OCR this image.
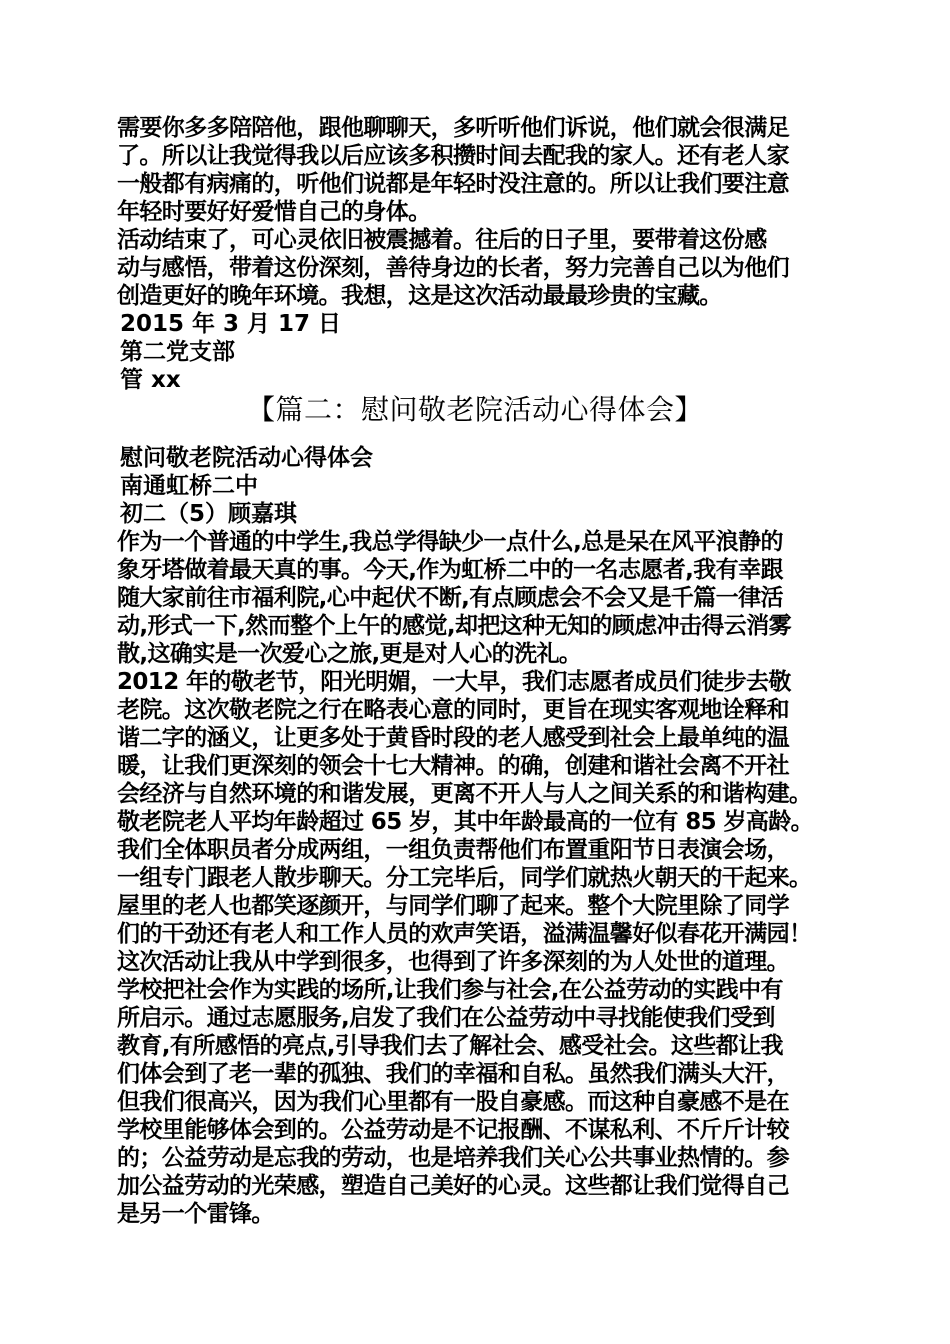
需要你多多陪陪他，跟他聊聊天，多听听他们诉说，他们就会很满足
了。所以让我觉得我以后应该多积攒时间去配我的家人。还有老人家
一般都有病痛的，听他们说都是年轻时没注意的。所以让我们要注意
年轻时要好好爱惜自己的身体。
活动结束了，可心灵依旧被震撼着。往后的日子里，要带着这份感
动与感悟，带着这份深刻，善待身边的长者，努力完善自己以为他们
创造更好的晚年环境。我想，这是这次活动最最珍贵的宝藏。
2015 年 3 月 17 日
第二党支部
管 xx
【篇二：慰问敬老院活动心得体会】
慰问敬老院活动心得体会
南通虹桥二中
初二（5）顾嘉琪
作为一个普通的中学生,我总学得缺少一点什么,总是呆在风平浪静的
象牙塔做着最天真的事。今天,作为虹桥二中的一名志愿者,我有幸跟
随大家前往市福利院,心中起伏不断,有点顾虑会不会又是千篇一律活
动,形式一下,然而整个上午的感觉,却把这种无知的顾虑冲击得云消雾
散,这确实是一次爱心之旅,更是对人心的洗礼。
2012 年的敬老节，阳光明媚，一大早，我们志愿者成员们徒步去敬
老院。这次敬老院之行在略表心意的同时，更旨在现实客观地诠释和
谐二字的涵义，让更多处于黄昏时段的老人感受到社会上最单纯的温
暖，让我们更深刻的领会十七大精神。的确，创建和谐社会离不开社
会经济与自然环境的和谐发展，更离不开人与人之间关系的和谐构建。
敬老院老人平均年龄超过 65 岁，其中年龄最高的一位有 85 岁高龄。
我们全体职员者分成两组，一组负责帮他们布置重阳节日表演会场，
一组专门跟老人散步聊天。分工完毕后，同学们就热火朝天的干起来。
屋里的老人也都笑逐颜开，与同学们聊了起来。整个大院里除了同学
们的干劲还有老人和工作人员的欢声笑语，溢满温馨好似春花开满园！
这次活动让我从中学到很多，也得到了许多深刻的为人处世的道理。
学校把社会作为实践的场所,让我们参与社会,在公益劳动的实践中有
所启示。通过志愿服务,启发了我们在公益劳动中寻找能使我们受到
教育,有所感悟的亮点,引导我们去了解社会、感受社会。这些都让我
们体会到了老一辈的孤独、我们的幸福和自私。虽然我们满头大汗，
但我们很高兴，因为我们心里都有一股自豪感。而这种自豪感不是在
学校里能够体会到的。公益劳动是不记报酬、不谋私利、不斤斤计较
的；公益劳动是忘我的劳动，也是培养我们关心公共事业热情的。参
加公益劳动的光荣感，塑造自己美好的心灵。这些都让我们觉得自己
是另一个雷锋。
